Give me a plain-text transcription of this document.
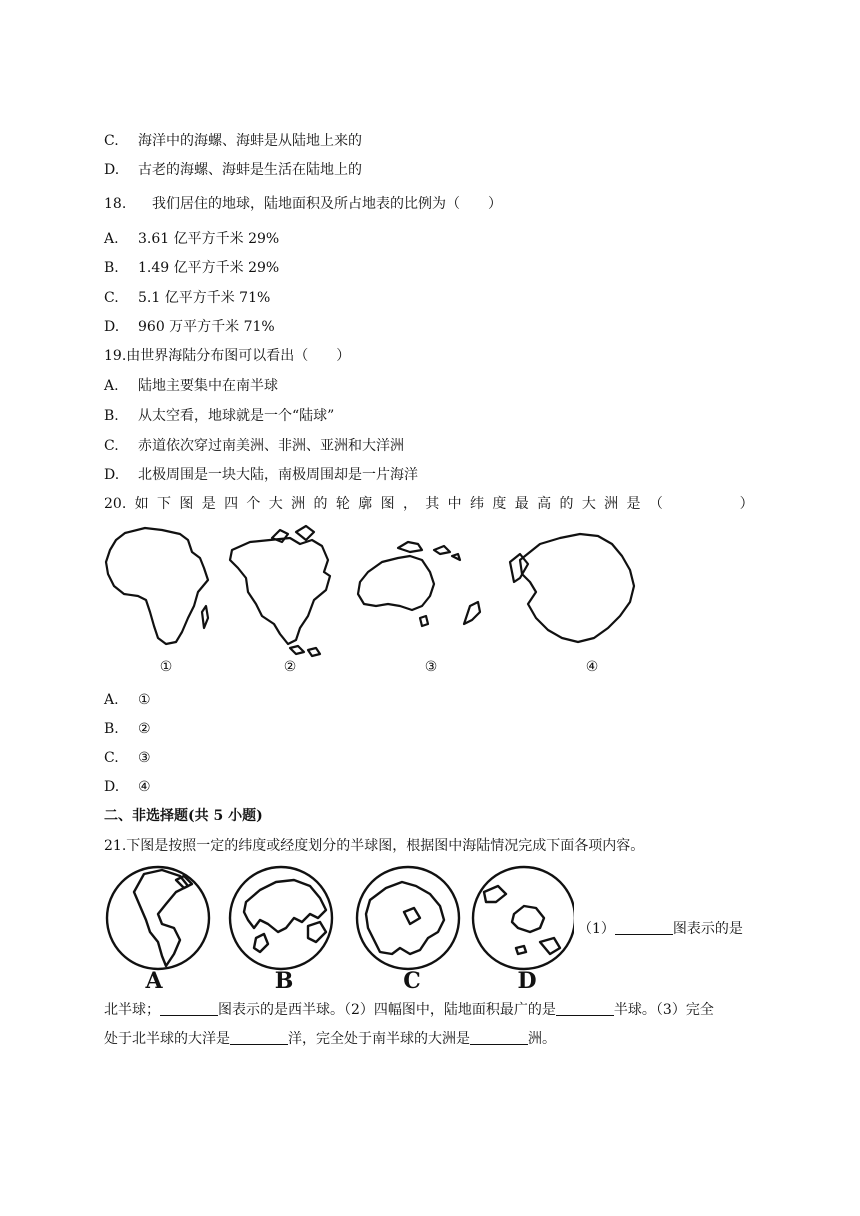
C. 海洋中的海螺、海蚌是从陆地上来的
D. 古老的海螺、海蚌是生活在陆地上的
18. 我们居住的地球，陆地面积及所占地表的比例为（　　）
A. 3.61 亿平方千米 29%
B. 1.49 亿平方千米 29%
C. 5.1 亿平方千米 71%
D. 960 万平方千米 71%
19.由世界海陆分布图可以看出（　　）
A. 陆地主要集中在南半球
B. 从太空看，地球就是一个“陆球”
C. 赤道依次穿过南美洲、非洲、亚洲和大洋洲
D. 北极周围是一块大陆，南极周围却是一片海洋
20. 如 下 图 是 四 个 大 洲 的 轮 廓 图 ， 其 中 纬 度 最 高 的 大 洲 是 （	）
①	②	③	④
A. ①
B. ②
C. ③
D. ④
二、非选择题(共 5 小题)
21.下图是按照一定的纬度或经度划分的半球图，根据图中海陆情况完成下面各项内容。
A	B	C	D
（1）	图表示的是
北半球；	图表示的是西半球。（2）四幅图中，陆地面积最广的是	半球。（3）完全
处于北半球的大洋是	洋，完全处于南半球的大洲是	洲。
